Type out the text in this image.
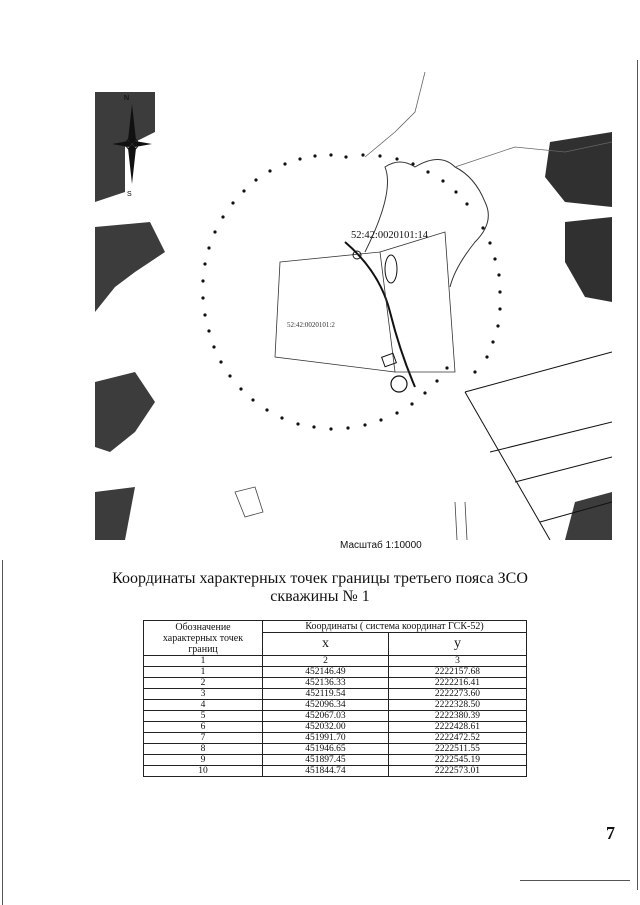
N
S
52:42:0020101:14
52:42:0020101:2
Масштаб 1:10000
Координаты характерных точек границы третьего пояса ЗСО
скважины № 1
Обозначение характерных точек границ	Координаты ( система координат ГСК-52)	
	x	y
1	2	3
1	452146.49	2222157.68
2	452136.33	2222216.41
3	452119.54	2222273.60
4	452096.34	2222328.50
5	452067.03	2222380.39
6	452032.00	2222428.61
7	451991.70	2222472.52
8	451946.65	2222511.55
9	451897.45	2222545.19
10	451844.74	2222573.01
7
